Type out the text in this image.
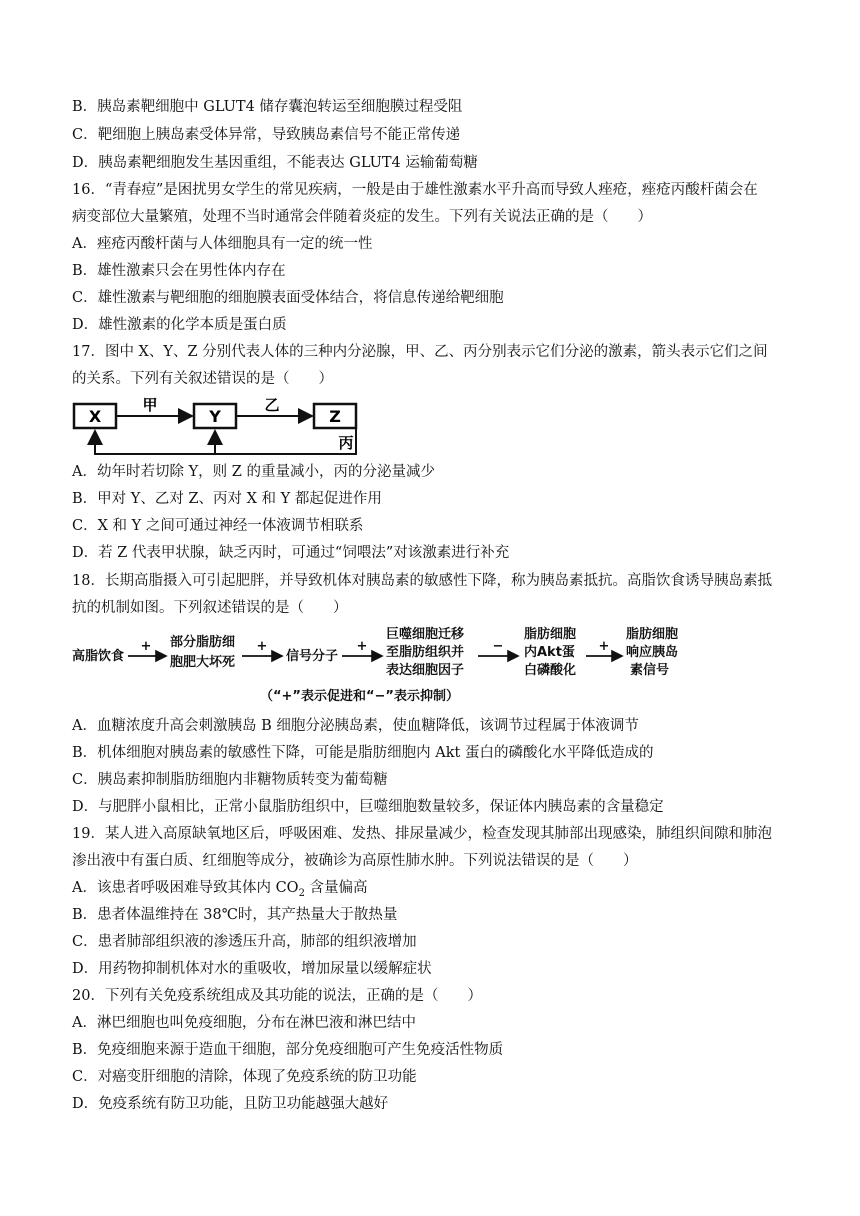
B．胰岛素靶细胞中 GLUT4 储存囊泡转运至细胞膜过程受阻
C．靶细胞上胰岛素受体异常，导致胰岛素信号不能正常传递
D．胰岛素靶细胞发生基因重组，不能表达 GLUT4 运输葡萄糖
16．“青春痘”是困扰男女学生的常见疾病，一般是由于雄性激素水平升高而导致人痤疮，痤疮丙酸杆菌会在
病变部位大量繁殖，处理不当时通常会伴随着炎症的发生。下列有关说法正确的是（　　）
A．痤疮丙酸杆菌与人体细胞具有一定的统一性
B．雄性激素只会在男性体内存在
C．雄性激素与靶细胞的细胞膜表面受体结合，将信息传递给靶细胞
D．雄性激素的化学本质是蛋白质
17．图中 X、Y、Z 分别代表人体的三种内分泌腺，甲、乙、丙分别表示它们分泌的激素，箭头表示它们之间
的关系。下列有关叙述错误的是（　　）
X	Y	Z
甲	乙
丙
A．幼年时若切除 Y，则 Z 的重量减小，丙的分泌量减少
B．甲对 Y、乙对 Z、丙对 X 和 Y 都起促进作用
C．X 和 Y 之间可通过神经一体液调节相联系
D．若 Z 代表甲状腺，缺乏丙时，可通过“饲喂法”对该激素进行补充
18．长期高脂摄入可引起肥胖，并导致机体对胰岛素的敏感性下降，称为胰岛素抵抗。高脂饮食诱导胰岛素抵
抗的机制如图。下列叙述错误的是（　　）
高脂饮食
+ 部分脂肪细
胞肥大坏死
+
信号分子
+
巨噬细胞迁移
至脂肪组织并
表达细胞因子
−
脂肪细胞
内Akt蛋
白磷酸化
+
脂肪细胞
响应胰岛
素信号
（“+”表示促进和“−”表示抑制）
A．血糖浓度升高会刺激胰岛 B 细胞分泌胰岛素，使血糖降低，该调节过程属于体液调节
B．机体细胞对胰岛素的敏感性下降，可能是脂肪细胞内 Akt 蛋白的磷酸化水平降低造成的
C．胰岛素抑制脂肪细胞内非糖物质转变为葡萄糖
D．与肥胖小鼠相比，正常小鼠脂肪组织中，巨噬细胞数量较多，保证体内胰岛素的含量稳定
19．某人进入高原缺氧地区后，呼吸困难、发热、排尿量减少，检查发现其肺部出现感染，肺组织间隙和肺泡
渗出液中有蛋白质、红细胞等成分，被确诊为高原性肺水肿。下列说法错误的是（　　）
A．该患者呼吸困难导致其体内 $CO_2$ 含量偏高
B．患者体温维持在 38℃时，其产热量大于散热量
C．患者肺部组织液的渗透压升高，肺部的组织液增加
D．用药物抑制机体对水的重吸收，增加尿量以缓解症状
20．下列有关免疫系统组成及其功能的说法，正确的是（　　）
A．淋巴细胞也叫免疫细胞，分布在淋巴液和淋巴结中
B．免疫细胞来源于造血干细胞，部分免疫细胞可产生免疫活性物质
C．对癌变肝细胞的清除，体现了免疫系统的防卫功能
D．免疫系统有防卫功能，且防卫功能越强大越好
